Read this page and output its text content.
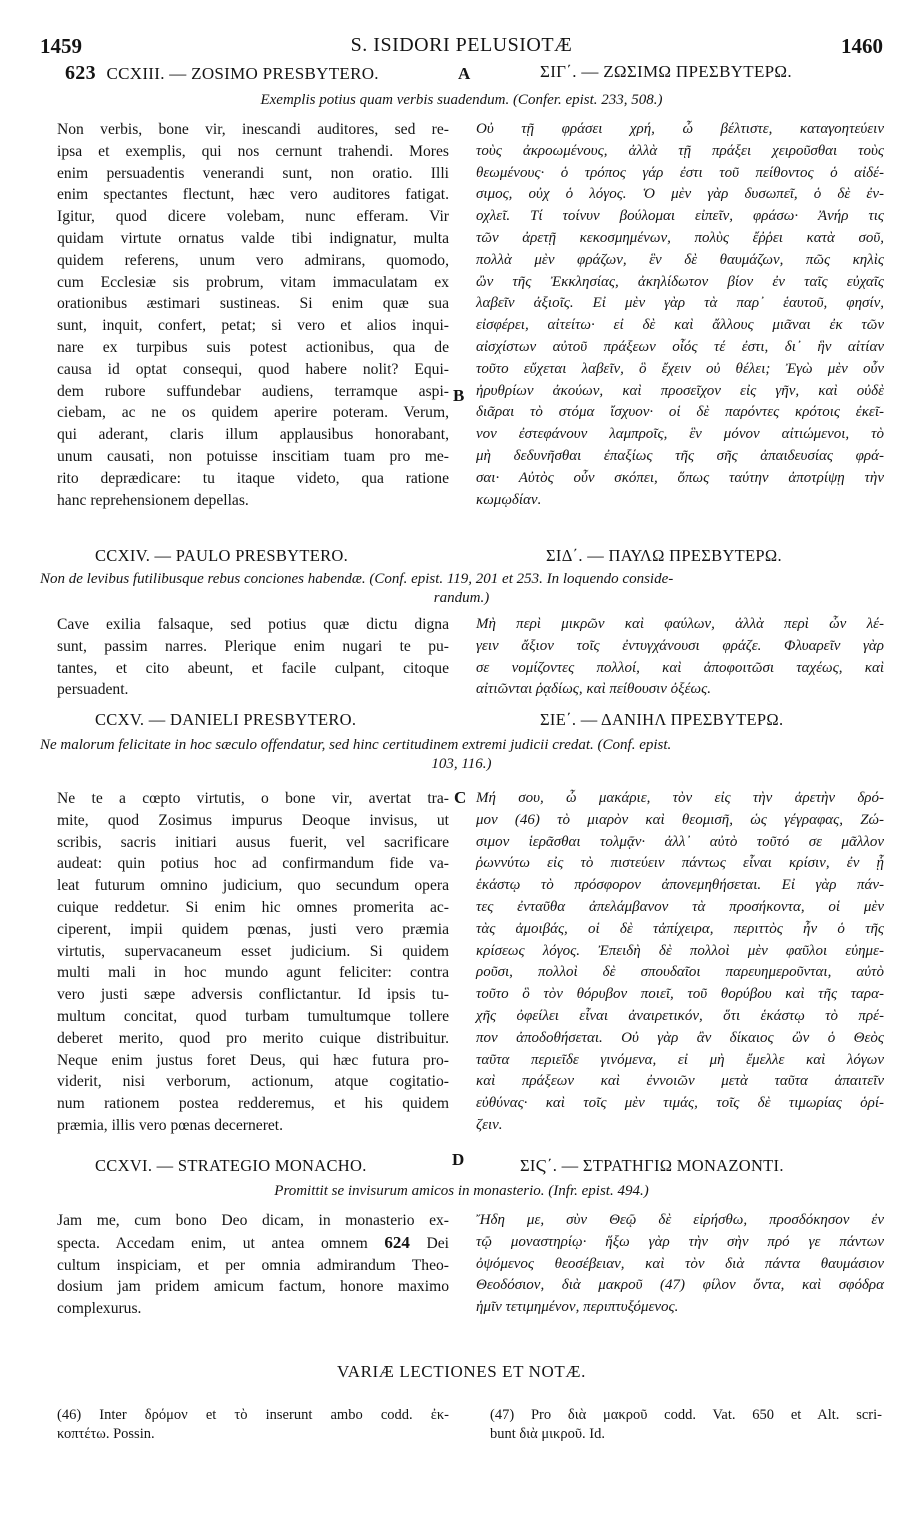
1459	S. ISIDORI PELUSIOTÆ	1460
623 CCXIII. — ZOSIMO PRESBYTERO.	A	ΣΙΓ΄. — ΖΩΣΙΜΩ ΠΡΕΣΒΥΤΕΡΩ.
Exemplis potius quam verbis suadendum. (Confer. epist. 233, 508.)
Non verbis, bone vir, inescandi auditores, sed re-
ipsa et exemplis, qui nos cernunt trahendi. Mores
enim persuadentis venerandi sunt, non oratio. Illi
enim spectantes flectunt, hæc vero auditores fatigat.
Igitur, quod dicere volebam, nunc efferam. Vir
quidam virtute ornatus valde tibi indignatur, multa
quidem referens, unum vero admirans, quomodo,
cum Ecclesiæ sis probrum, vitam immaculatam ex
orationibus æstimari sustineas. Si enim quæ sua
sunt, inquit, confert, petat; si vero et alios inqui-
nare ex turpibus suis potest actionibus, qua de
causa id optat consequi, quod habere nolit? Equi-
dem rubore suffundebar audiens, terramque aspi-
ciebam, ac ne os quidem aperire poteram. Verum,
qui aderant, claris illum applausibus honorabant,
unum causati, non potuisse inscitiam tuam pro me-
rito deprædicare: tu itaque videto, qua ratione
hanc reprehensionem depellas.
B
Οὐ τῇ φράσει χρή, ὦ βέλτιστε, καταγοητεύειν
τοὺς ἀκροωμένους, ἀλλὰ τῇ πράξει χειροῦσθαι τοὺς
θεωμένους· ὁ τρόπος γάρ ἐστι τοῦ πείθοντος ὁ αἰδέ-
σιμος, οὐχ ὁ λόγος. Ὁ μὲν γὰρ δυσωπεῖ, ὁ δὲ ἐν-
οχλεῖ. Τί τοίνυν βούλομαι εἰπεῖν, φράσω· Ἀνήρ τις
τῶν ἀρετῇ κεκοσμημένων, πολὺς ἔῤῥει κατὰ σοῦ,
πολλὰ μὲν φράζων, ἓν δὲ θαυμάζων, πῶς κηλὶς
ὢν τῆς Ἐκκλησίας, ἀκηλίδωτον βίον ἐν ταῖς εὐχαῖς
λαβεῖν ἀξιοῖς. Εἰ μὲν γὰρ τὰ παρ᾽ ἑαυτοῦ, φησίν,
εἰσφέρει, αἰτείτω· εἰ δὲ καὶ ἄλλους μιᾶναι ἐκ τῶν
αἰσχίστων αὐτοῦ πράξεων οἷός τέ ἐστι, δι᾽ ἣν αἰτίαν
τοῦτο εὔχεται λαβεῖν, ὃ ἔχειν οὐ θέλει; Ἐγὼ μὲν οὖν
ἠρυθρίων ἀκούων, καὶ προσεῖχον εἰς γῆν, καὶ οὐδὲ
διᾶραι τὸ στόμα ἴσχυον· οἱ δὲ παρόντες κρότοις ἐκεῖ-
νον ἐστεφάνουν λαμπροῖς, ἓν μόνον αἰτιώμενοι, τὸ
μὴ δεδυνῆσθαι ἐπαξίως τῆς σῆς ἀπαιδευσίας φρά-
σαι· Αὐτὸς οὖν σκόπει, ὅπως ταύτην ἀποτρίψῃ τὴν
κωμῳδίαν.
CCXIV. — PAULO PRESBYTERO.	ΣΙΔ΄. — ΠΑΥΛΩ ΠΡΕΣΒΥΤΕΡΩ.
Non de levibus futilibusque rebus conciones habendæ. (Conf. epist. 119, 201 et 253. In loquendo conside-
randum.)
Cave exilia falsaque, sed potius quæ dictu digna
sunt, passim narres. Plerique enim nugari te pu-
tantes, et cito abeunt, et facile culpant, citoque
persuadent.
Μὴ περὶ μικρῶν καὶ φαύλων, ἀλλὰ περὶ ὧν λέ-
γειν ἄξιον τοῖς ἐντυγχάνουσι φράζε. Φλυαρεῖν γὰρ
σε νομίζοντες πολλοί, καὶ ἀποφοιτῶσι ταχέως, καὶ
αἰτιῶνται ῥᾳδίως, καὶ πείθουσιν ὀξέως.
CCXV. — DANIELI PRESBYTERO.	ΣΙΕ΄. — ΔΑΝΙΗΛ ΠΡΕΣΒΥΤΕΡΩ.
Ne malorum felicitate in hoc sæculo offendatur, sed hinc certitudinem extremi judicii credat. (Conf. epist.
103, 116.)
C
Ne te a cœpto virtutis, o bone vir, avertat tra-
mite, quod Zosimus impurus Deoque invisus, ut
scribis, sacris initiari ausus fuerit, vel sacrificare
audeat: quin potius hoc ad confirmandum fide va-
leat futurum omnino judicium, quo secundum opera
cuique reddetur. Si enim hic omnes promerita ac-
ciperent, impii quidem pœnas, justi vero præmia
virtutis, supervacaneum esset judicium. Si quidem
multi mali in hoc mundo agunt feliciter: contra
vero justi sæpe adversis conflictantur. Id ipsis tu-
multum concitat, quod turbam tumultumque tollere
deberet merito, quod pro merito cuique distribuitur.
Neque enim justus foret Deus, qui hæc futura pro-
viderit, nisi verborum, actionum, atque cogitatio-
num rationem postea redderemus, et his quidem
præmia, illis vero pœnas decerneret.
Μή σου, ὦ μακάριε, τὸν εἰς τὴν ἀρετὴν δρό-
μον (46) τὸ μιαρὸν καὶ θεομισῆ, ὡς γέγραφας, Ζώ-
σιμον ἱερᾶσθαι τολμᾷν· ἀλλ᾽ αὐτὸ τοῦτό σε μᾶλλον
ῥωννύτω εἰς τὸ πιστεύειν πάντως εἶναι κρίσιν, ἐν ᾗ
ἑκάστῳ τὸ πρόσφορον ἀπονεμηθήσεται. Εἰ γὰρ πάν-
τες ἐνταῦθα ἀπελάμβανον τὰ προσήκοντα, οἱ μὲν
τὰς ἀμοιβάς, οἱ δὲ τἀπίχειρα, περιττὸς ἦν ὁ τῆς
κρίσεως λόγος. Ἐπειδὴ δὲ πολλοὶ μὲν φαῦλοι εὐημε-
ροῦσι, πολλοὶ δὲ σπουδαῖοι παρευημεροῦνται, αὐτὸ
τοῦτο ὃ τὸν θόρυβον ποιεῖ, τοῦ θορύβου καὶ τῆς ταρα-
χῆς ὀφείλει εἶναι ἀναιρετικόν, ὅτι ἑκάστῳ τὸ πρέ-
πον ἀποδοθήσεται. Οὐ γὰρ ἂν δίκαιος ὢν ὁ Θεὸς
ταῦτα περιεῖδε γινόμενα, εἰ μὴ ἔμελλε καὶ λόγων
καὶ πράξεων καὶ ἐννοιῶν μετὰ ταῦτα ἀπαιτεῖν
εὐθύνας· καὶ τοῖς μὲν τιμάς, τοῖς δὲ τιμωρίας ὁρί-
ζειν.
D
CCXVI. — STRATEGIO MONACHO.	ΣΙϚ΄. — ΣΤΡΑΤΗΓΙΩ ΜΟΝΑΖΟΝΤΙ.
Promittit se invisurum amicos in monasterio. (Infr. epist. 494.)
Jam me, cum bono Deo dicam, in monasterio ex-
specta. Accedam enim, ut antea omnem 624 Dei
cultum inspiciam, et per omnia admirandum Theo-
dosium jam pridem amicum factum, honore maximo
complexurus.
Ἤδη με, σὺν Θεῷ δὲ εἰρήσθω, προσδόκησον ἐν
τῷ μοναστηρίῳ· ἥξω γὰρ τὴν σὴν πρό γε πάντων
ὀψόμενος θεοσέβειαν, καὶ τὸν διὰ πάντα θαυμάσιον
Θεοδόσιον, διὰ μακροῦ (47) φίλον ὄντα, καὶ σφόδρα
ἡμῖν τετιμημένον, περιπτυξόμενος.
VARIÆ LECTIONES ET NOTÆ.
(46) Inter δρόμον et τὸ inserunt ambo codd. ἐκ-
κοπτέτω. Possin.
(47) Pro διὰ μακροῦ codd. Vat. 650 et Alt. scri-
bunt διὰ μικροῦ. Id.
